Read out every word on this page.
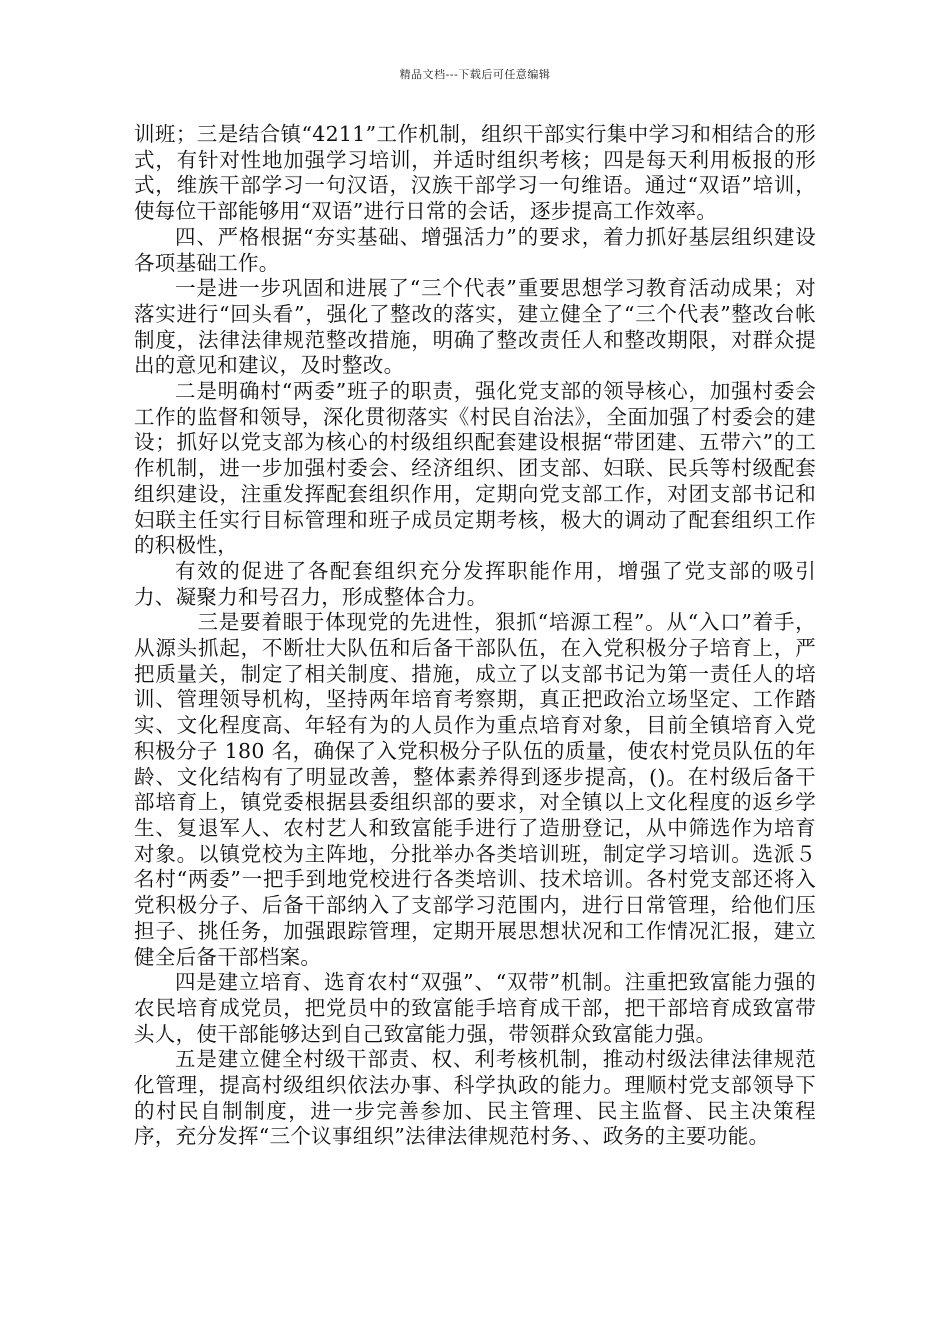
精品文档---下载后可任意编辑

训班；三是结合镇“4211”工作机制，组织干部实行集中学习和相结合的形式，有针对性地加强学习培训，并适时组织考核；四是每天利用板报的形式，维族干部学习一句汉语，汉族干部学习一句维语。通过“双语”培训，使每位干部能够用“双语”进行日常的会话，逐步提高工作效率。

四、严格根据“夯实基础、增强活力”的要求，着力抓好基层组织建设各项基础工作。

一是进一步巩固和进展了“三个代表”重要思想学习教育活动成果；对落实进行“回头看”，强化了整改的落实，建立健全了“三个代表”整改台帐制度，法律法律规范整改措施，明确了整改责任人和整改期限，对群众提出的意见和建议，及时整改。

二是明确村“两委”班子的职责，强化党支部的领导核心，加强村委会工作的监督和领导，深化贯彻落实《村民自治法》，全面加强了村委会的建设；抓好以党支部为核心的村级组织配套建设根据“带团建、五带六”的工作机制，进一步加强村委会、经济组织、团支部、妇联、民兵等村级配套组织建设，注重发挥配套组织作用，定期向党支部工作，对团支部书记和妇联主任实行目标管理和班子成员定期考核，极大的调动了配套组织工作的积极性，

有效的促进了各配套组织充分发挥职能作用，增强了党支部的吸引力、凝聚力和号召力，形成整体合力。

三是要着眼于体现党的先进性，狠抓“培源工程”。从“入口”着手，从源头抓起，不断壮大队伍和后备干部队伍，在入党积极分子培育上，严把质量关，制定了相关制度、措施，成立了以支部书记为第一责任人的培训、管理领导机构，坚持两年培育考察期，真正把政治立场坚定、工作踏实、文化程度高、年轻有为的人员作为重点培育对象，目前全镇培育入党积极分子 180 名，确保了入党积极分子队伍的质量，使农村党员队伍的年龄、文化结构有了明显改善，整体素养得到逐步提高，()。在村级后备干部培育上，镇党委根据县委组织部的要求，对全镇以上文化程度的返乡学生、复退军人、农村艺人和致富能手进行了造册登记，从中筛选作为培育对象。以镇党校为主阵地，分批举办各类培训班，制定学习培训。选派５名村“两委”一把手到地党校进行各类培训、技术培训。各村党支部还将入党积极分子、后备干部纳入了支部学习范围内，进行日常管理，给他们压担子、挑任务，加强跟踪管理，定期开展思想状况和工作情况汇报，建立健全后备干部档案。

四是建立培育、选育农村“双强”、“双带”机制。注重把致富能力强的农民培育成党员，把党员中的致富能手培育成干部，把干部培育成致富带头人，使干部能够达到自己致富能力强，带领群众致富能力强。

五是建立健全村级干部责、权、利考核机制，推动村级法律法律规范化管理，提高村级组织依法办事、科学执政的能力。理顺村党支部领导下的村民自制制度，进一步完善参加、民主管理、民主监督、民主决策程序，充分发挥“三个议事组织”法律法律规范村务、、政务的主要功能。
